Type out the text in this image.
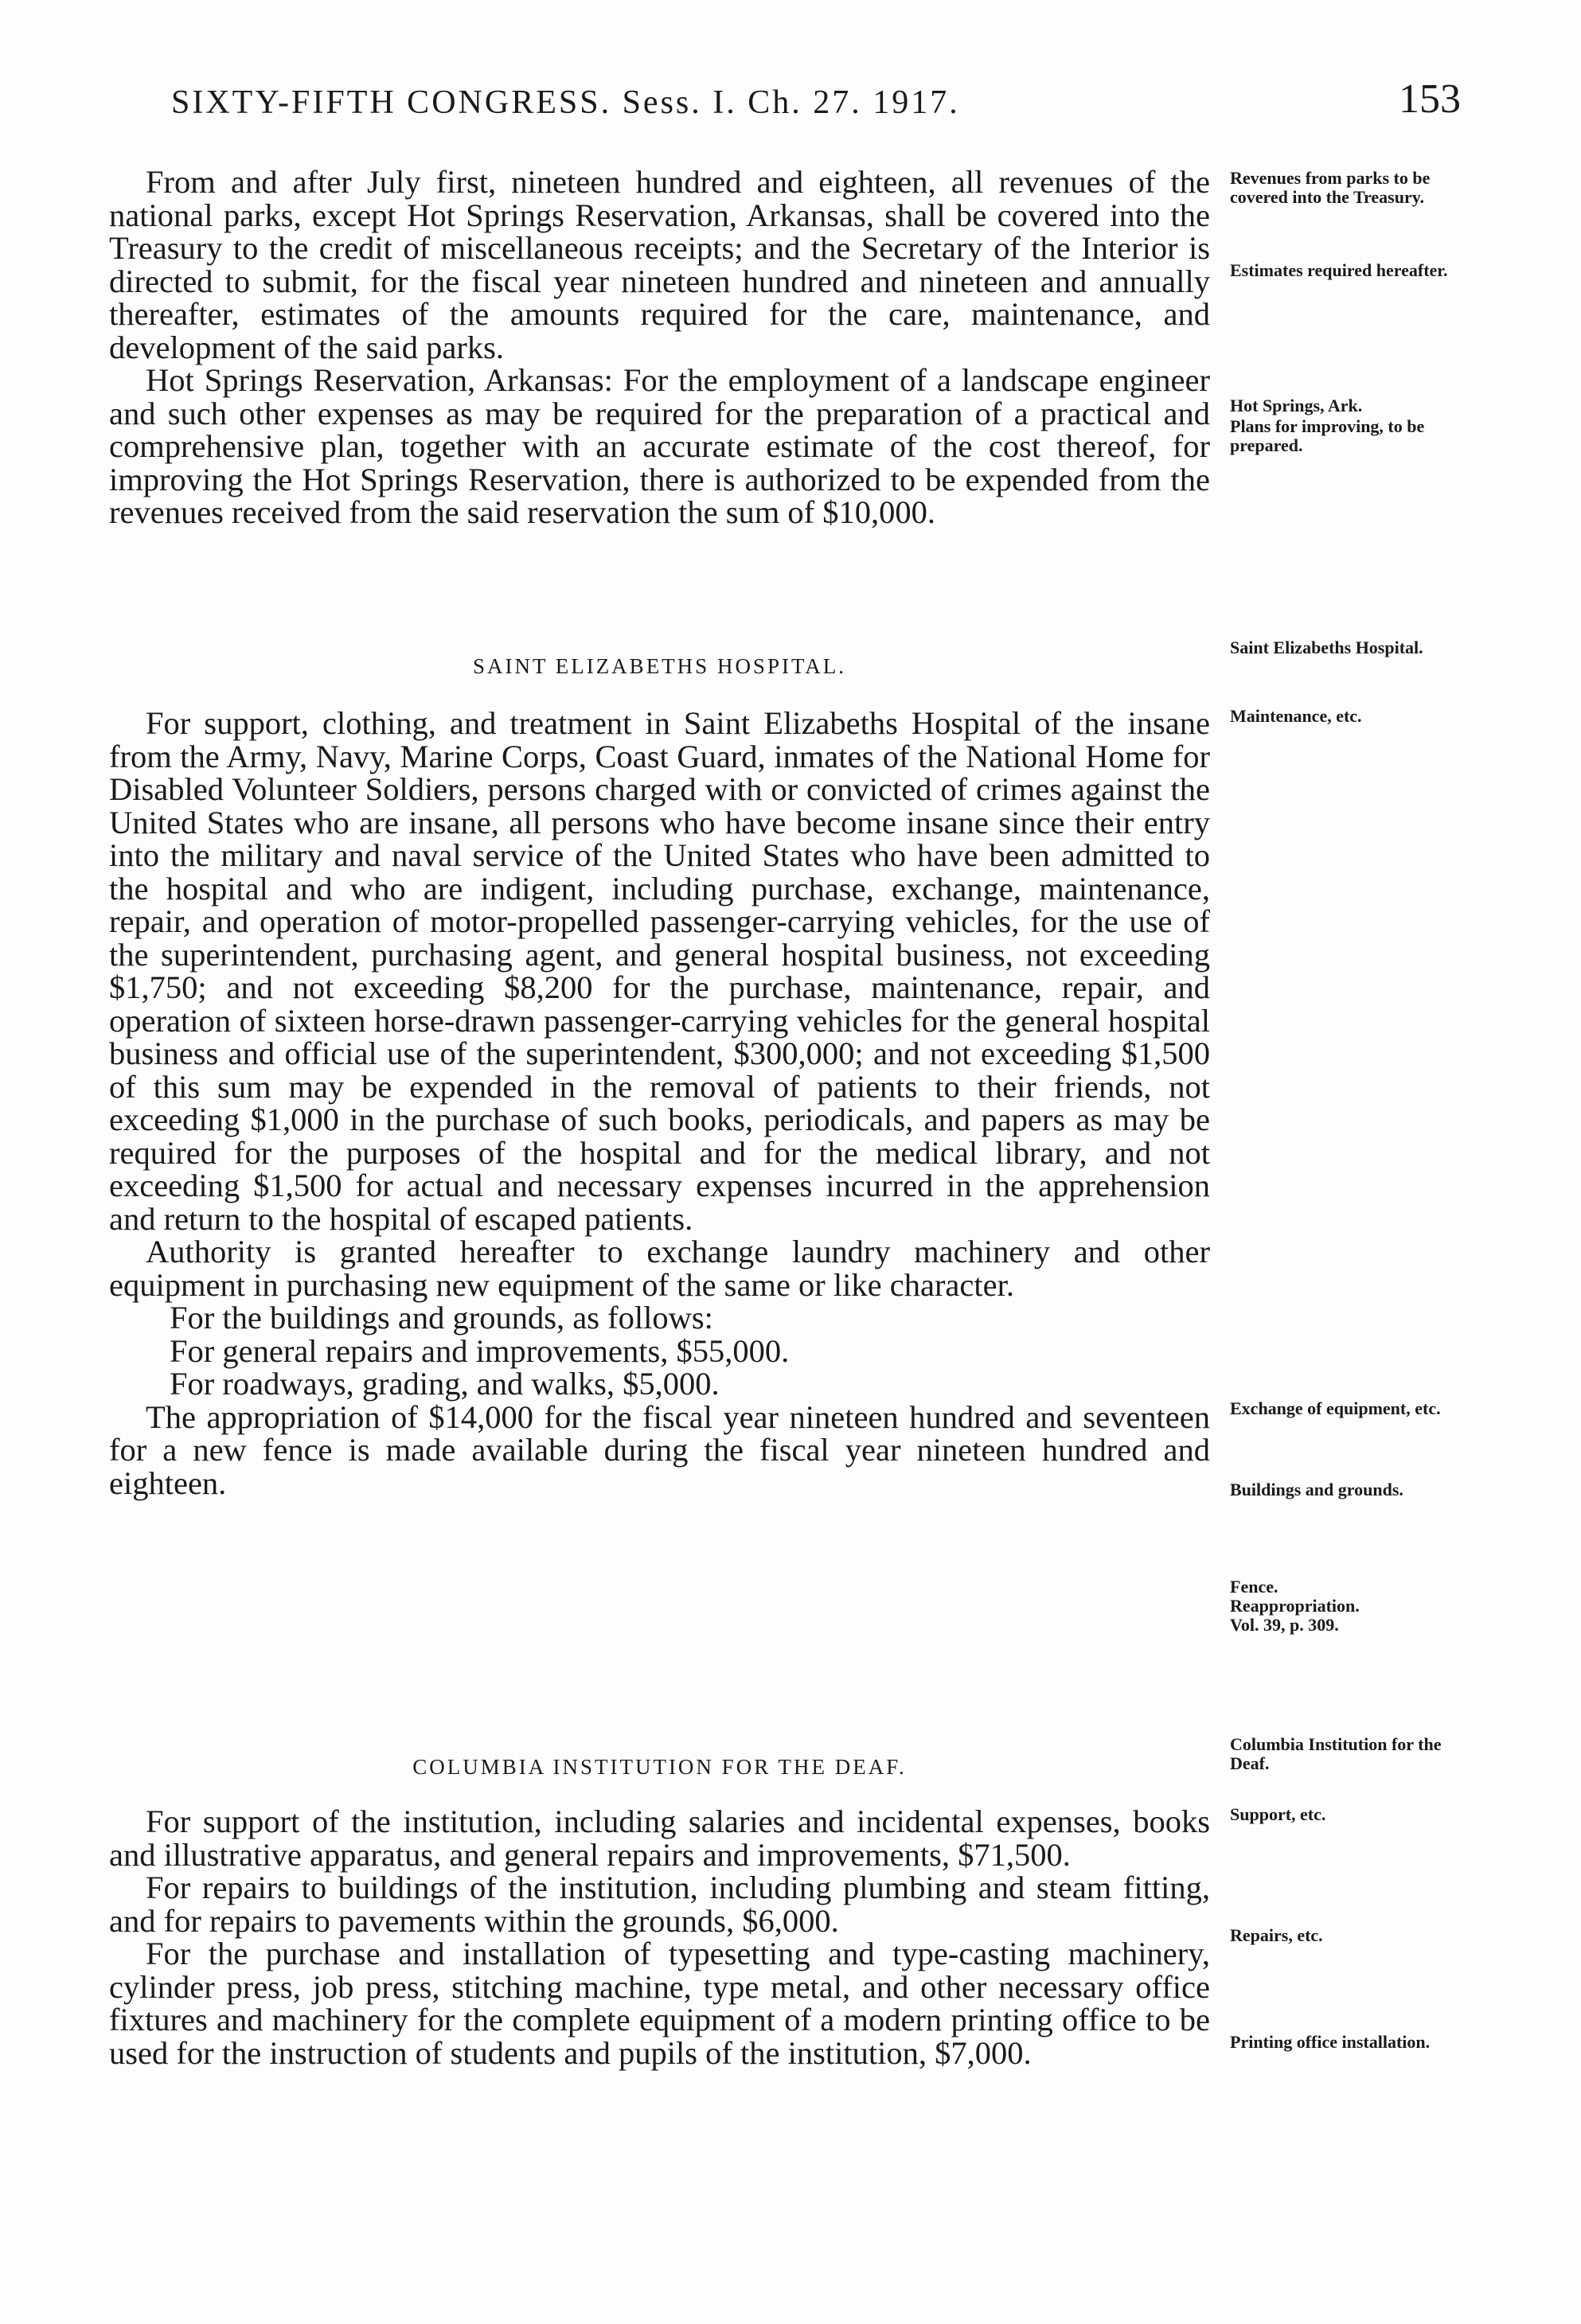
SIXTY-FIFTH CONGRESS. Sess. I. Ch. 27. 1917.	153

From and after July first, nineteen hundred and eighteen, all revenues of the national parks, except Hot Springs Reservation, Arkansas, shall be covered into the Treasury to the credit of miscellaneous receipts; and the Secretary of the Interior is directed to submit, for the fiscal year nineteen hundred and nineteen and annually thereafter, estimates of the amounts required for the care, maintenance, and development of the said parks.

Hot Springs Reservation, Arkansas: For the employment of a landscape engineer and such other expenses as may be required for the preparation of a practical and comprehensive plan, together with an accurate estimate of the cost thereof, for improving the Hot Springs Reservation, there is authorized to be expended from the revenues received from the said reservation the sum of $10,000.

SAINT ELIZABETHS HOSPITAL.

For support, clothing, and treatment in Saint Elizabeths Hospital of the insane from the Army, Navy, Marine Corps, Coast Guard, inmates of the National Home for Disabled Volunteer Soldiers, persons charged with or convicted of crimes against the United States who are insane, all persons who have become insane since their entry into the military and naval service of the United States who have been admitted to the hospital and who are indigent, including purchase, exchange, maintenance, repair, and operation of motor-propelled passenger-carrying vehicles, for the use of the superintendent, purchasing agent, and general hospital business, not exceeding $1,750; and not exceeding $8,200 for the purchase, maintenance, repair, and operation of sixteen horse-drawn passenger-carrying vehicles for the general hospital business and official use of the superintendent, $300,000; and not exceeding $1,500 of this sum may be expended in the removal of patients to their friends, not exceeding $1,000 in the purchase of such books, periodicals, and papers as may be required for the purposes of the hospital and for the medical library, and not exceeding $1,500 for actual and necessary expenses incurred in the apprehension and return to the hospital of escaped patients.

Authority is granted hereafter to exchange laundry machinery and other equipment in purchasing new equipment of the same or like character.

For the buildings and grounds, as follows:

For general repairs and improvements, $55,000.

For roadways, grading, and walks, $5,000.

The appropriation of $14,000 for the fiscal year nineteen hundred and seventeen for a new fence is made available during the fiscal year nineteen hundred and eighteen.

COLUMBIA INSTITUTION FOR THE DEAF.

For support of the institution, including salaries and incidental expenses, books and illustrative apparatus, and general repairs and improvements, $71,500.

For repairs to buildings of the institution, including plumbing and steam fitting, and for repairs to pavements within the grounds, $6,000.

For the purchase and installation of typesetting and type-casting machinery, cylinder press, job press, stitching machine, type metal, and other necessary office fixtures and machinery for the complete equipment of a modern printing office to be used for the instruction of students and pupils of the institution, $7,000.

Revenues from parks to be covered into the Treasury.
Estimates required hereafter.
Hot Springs, Ark.
Plans for improving, to be prepared.
Saint Elizabeths Hospital.
Maintenance, etc.
Exchange of equipment, etc.
Buildings and grounds.
Fence.
Reappropriation.
Vol. 39, p. 309.
Columbia Institution for the Deaf.
Support, etc.
Repairs, etc.
Printing office installation.
